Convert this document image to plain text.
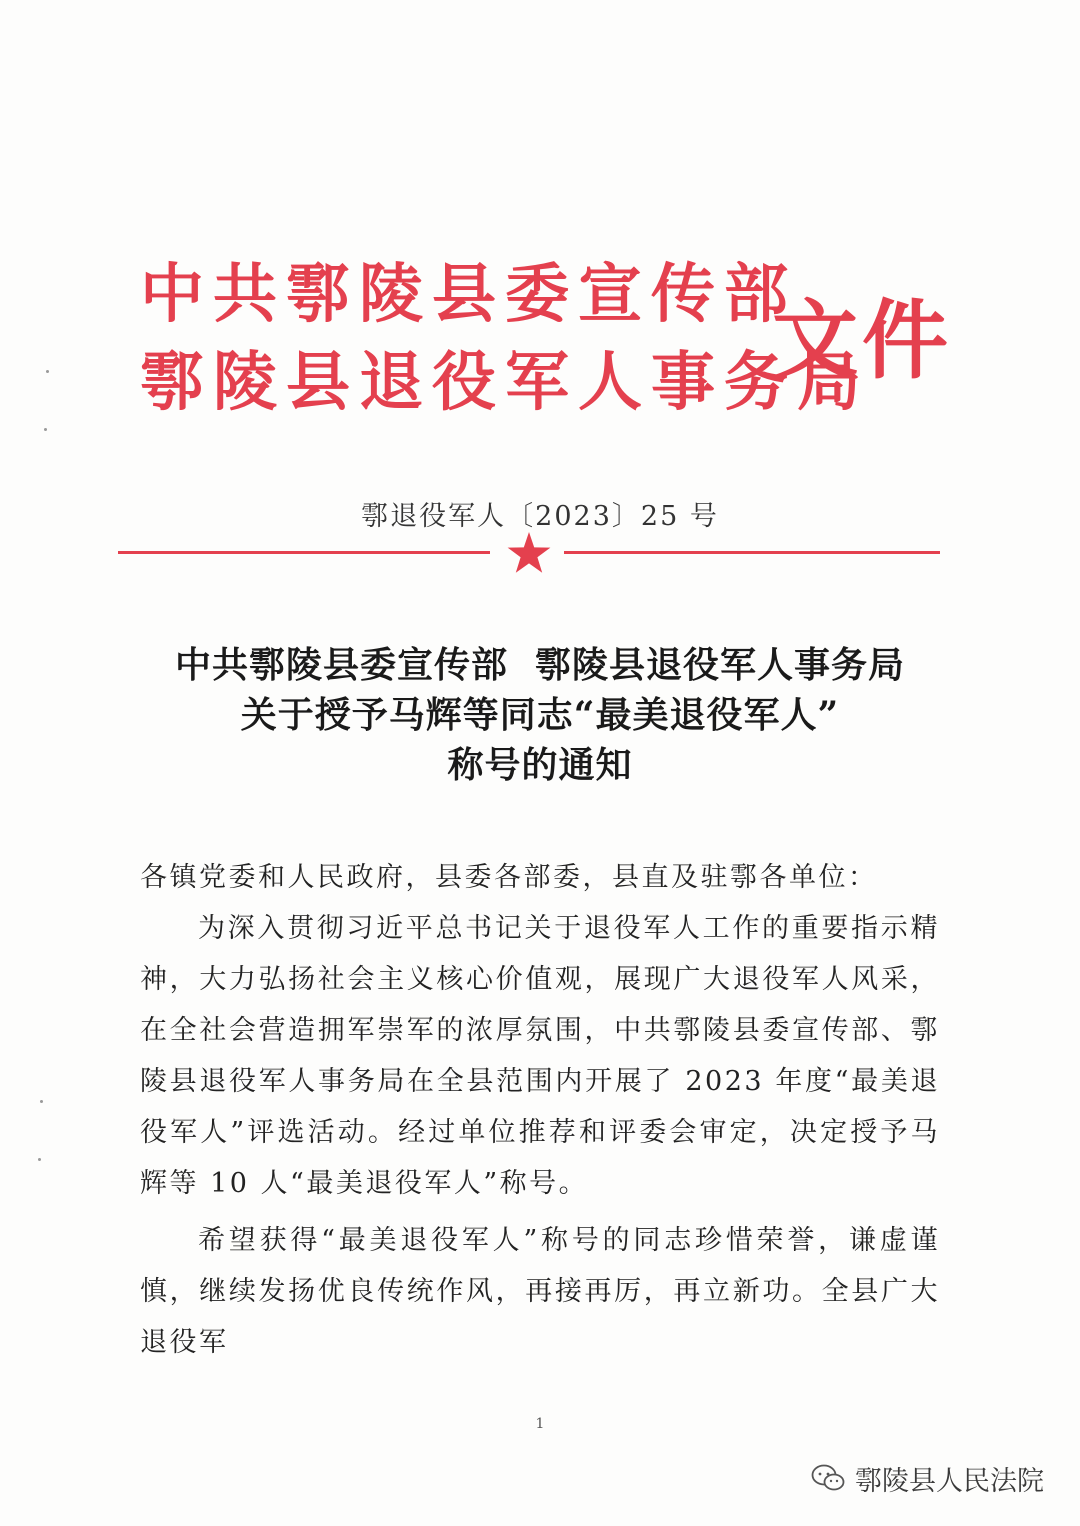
中共鄠陵县委宣传部
鄠陵县退役军人事务局
文件
鄠退役军人〔2023〕25 号
中共鄠陵县委宣传部  鄠陵县退役军人事务局
关于授予马辉等同志“最美退役军人”
称号的通知

各镇党委和人民政府，县委各部委，县直及驻鄠各单位：

为深入贯彻习近平总书记关于退役军人工作的重要指示精神，大力弘扬社会主义核心价值观，展现广大退役军人风采，在全社会营造拥军崇军的浓厚氛围，中共鄠陵县委宣传部、鄠陵县退役军人事务局在全县范围内开展了 2023 年度“最美退役军人”评选活动。经过单位推荐和评委会审定，决定授予马辉等 10 人“最美退役军人”称号。

希望获得“最美退役军人”称号的同志珍惜荣誉，谦虚谨慎，继续发扬优良传统作风，再接再厉，再立新功。全县广大退役军

1
鄠陵县人民法院
